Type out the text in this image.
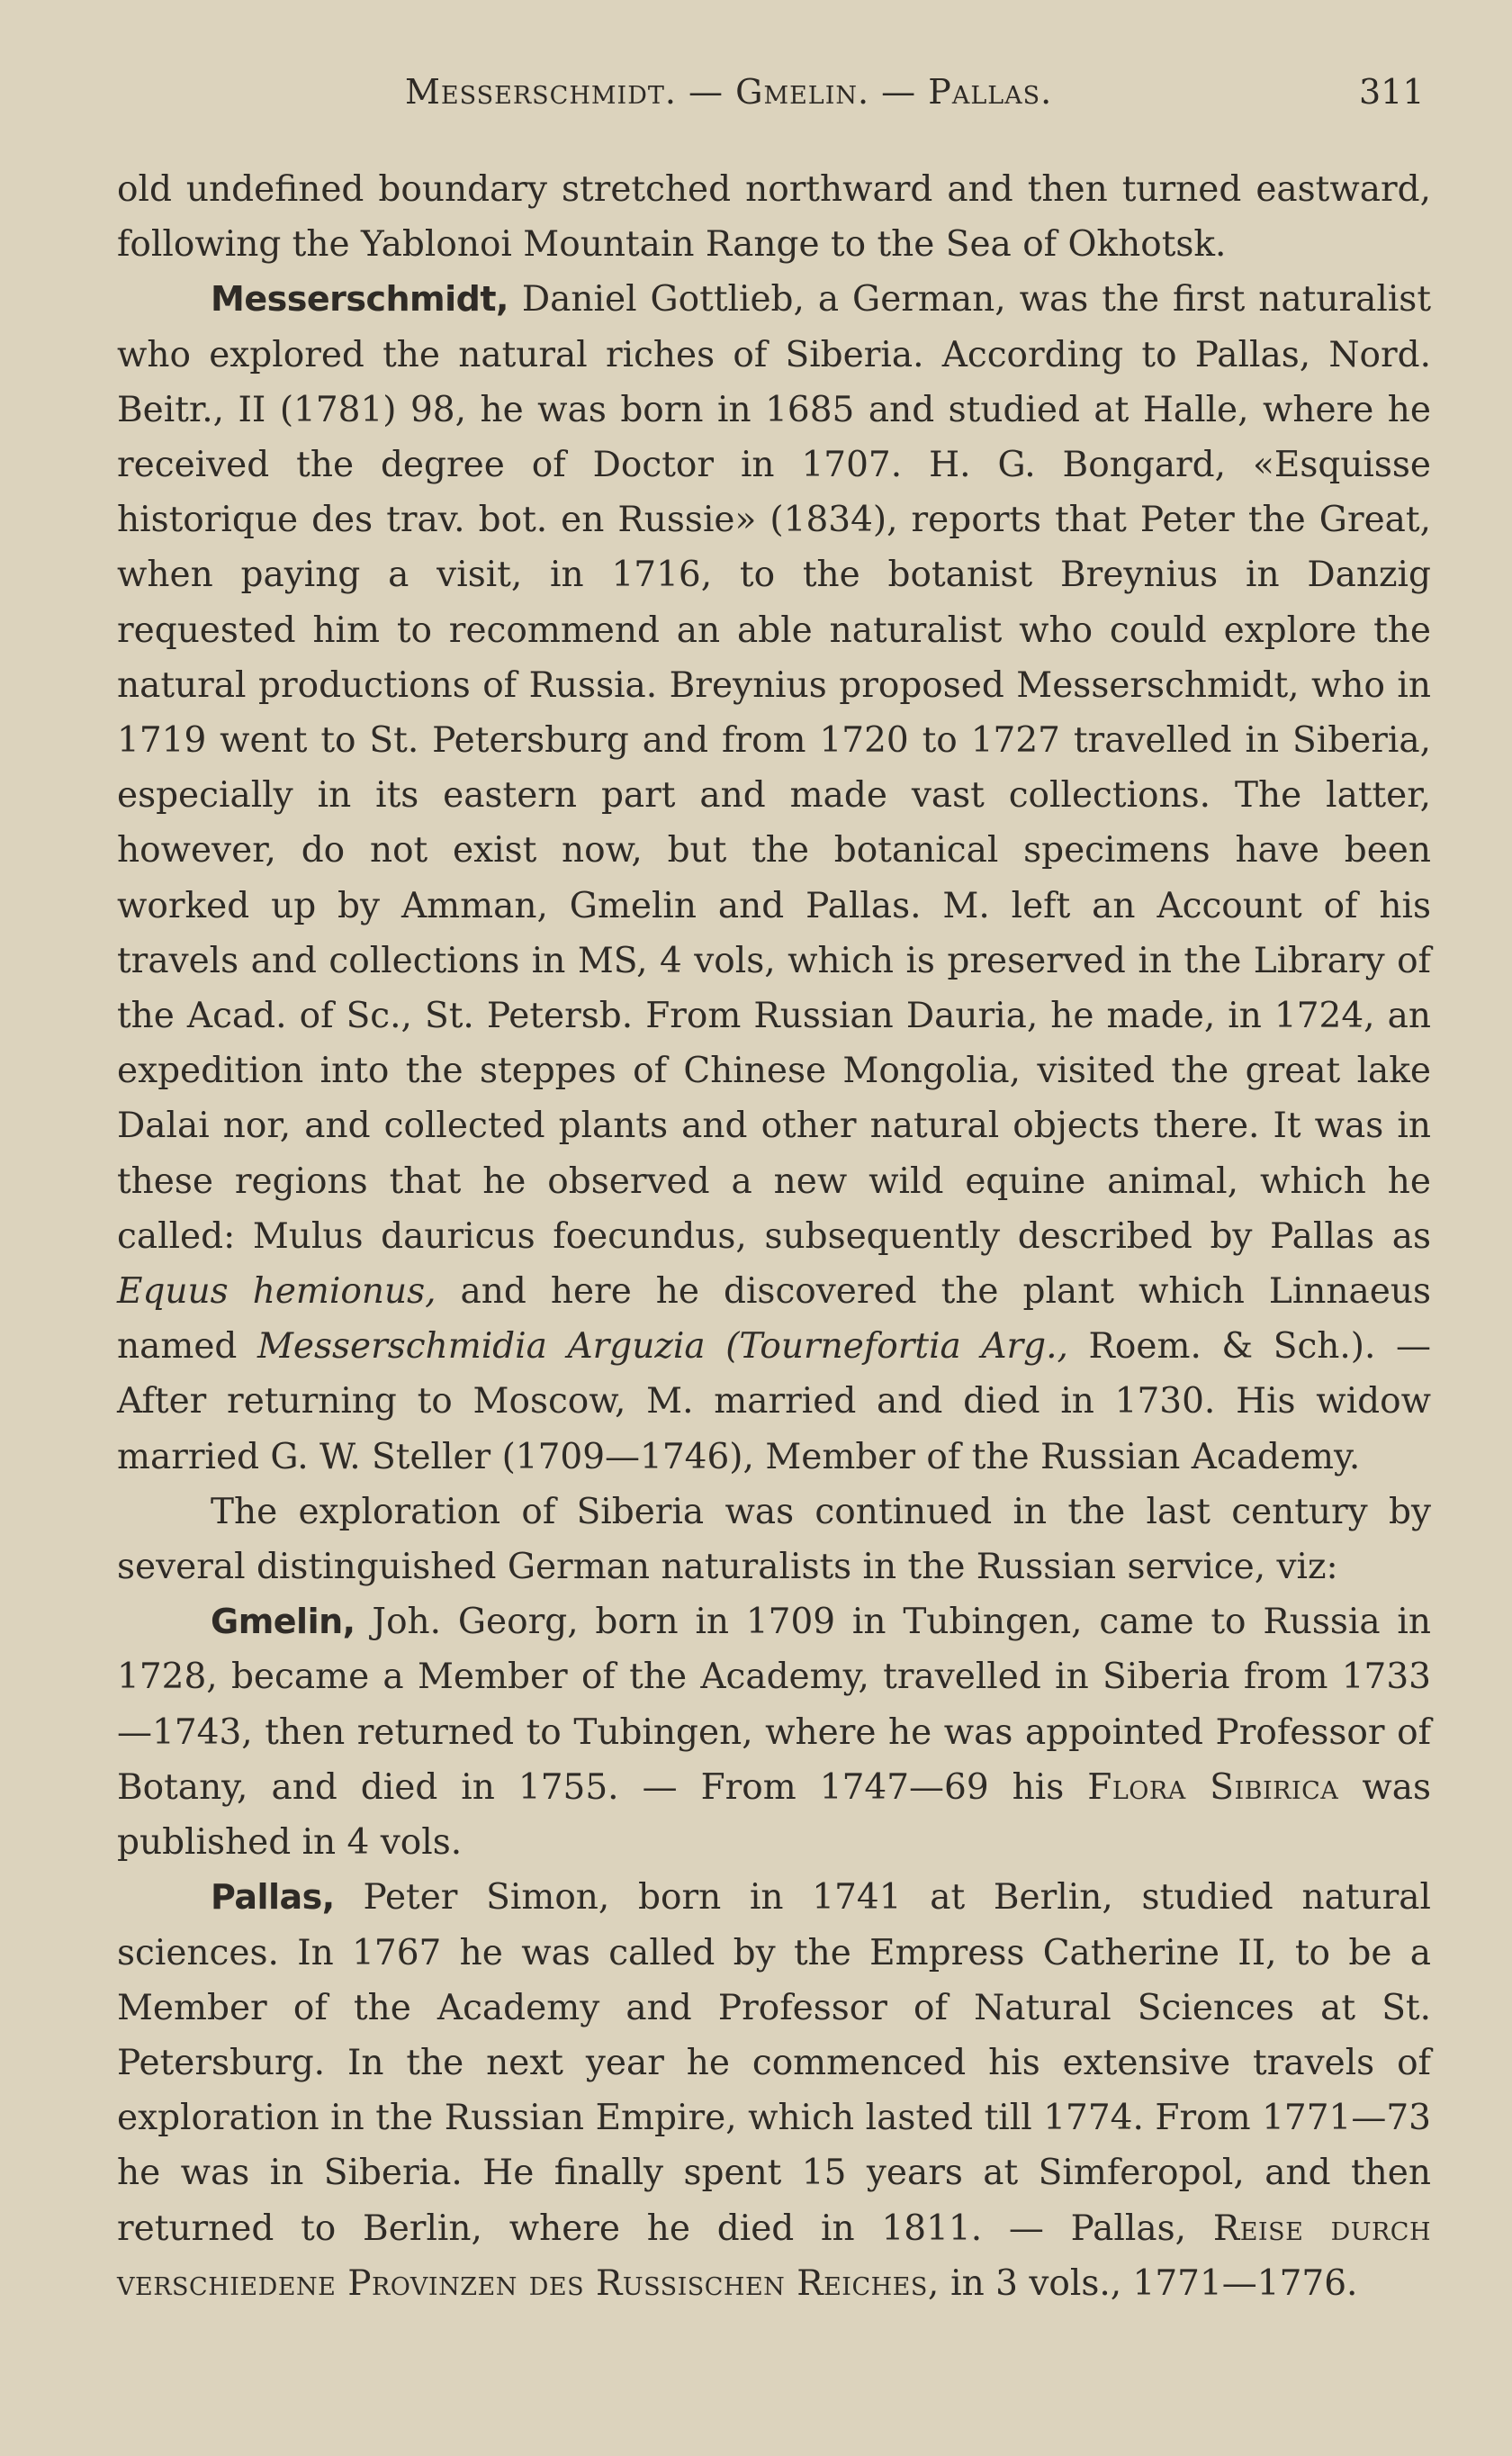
Messerschmidt. — Gmelin. — Pallas.	311

old undefined boundary stretched northward and then turned eastward, following the Yablonoi Mountain Range to the Sea of Okhotsk.

Messerschmidt, Daniel Gottlieb, a German, was the first naturalist who explored the natural riches of Siberia. According to Pallas, Nord. Beitr., II (1781) 98, he was born in 1685 and studied at Halle, where he received the degree of Doctor in 1707. H. G. Bongard, «Esquisse historique des trav. bot. en Russie» (1834), reports that Peter the Great, when paying a visit, in 1716, to the botanist Breynius in Danzig requested him to recommend an able naturalist who could explore the natural productions of Russia. Breynius proposed Messerschmidt, who in 1719 went to St. Petersburg and from 1720 to 1727 travelled in Siberia, especially in its eastern part and made vast collections. The latter, however, do not exist now, but the botanical specimens have been worked up by Amman, Gmelin and Pallas. M. left an Account of his travels and collections in MS, 4 vols, which is preserved in the Library of the Acad. of Sc., St. Petersb. From Russian Dauria, he made, in 1724, an expedition into the steppes of Chinese Mongolia, visited the great lake Dalai nor, and collected plants and other natural objects there. It was in these regions that he observed a new wild equine animal, which he called: Mulus dauricus foecundus, subsequently described by Pallas as Equus hemionus, and here he discovered the plant which Linnaeus named Messerschmidia Arguzia (Tournefortia Arg., Roem. & Sch.). — After returning to Moscow, M. married and died in 1730. His widow married G. W. Steller (1709—1746), Member of the Russian Academy.

The exploration of Siberia was continued in the last century by several distinguished German naturalists in the Russian service, viz:

Gmelin, Joh. Georg, born in 1709 in Tubingen, came to Russia in 1728, became a Member of the Academy, travelled in Siberia from 1733—1743, then returned to Tubingen, where he was appointed Professor of Botany, and died in 1755. — From 1747—69 his Flora Sibirica was published in 4 vols.

Pallas, Peter Simon, born in 1741 at Berlin, studied natural sciences. In 1767 he was called by the Empress Catherine II, to be a Member of the Academy and Professor of Natural Sciences at St. Petersburg. In the next year he commenced his extensive travels of exploration in the Russian Empire, which lasted till 1774. From 1771—73 he was in Siberia. He finally spent 15 years at Simferopol, and then returned to Berlin, where he died in 1811. — Pallas, Reise durch verschiedene Provinzen des Russischen Reiches, in 3 vols., 1771—1776.
